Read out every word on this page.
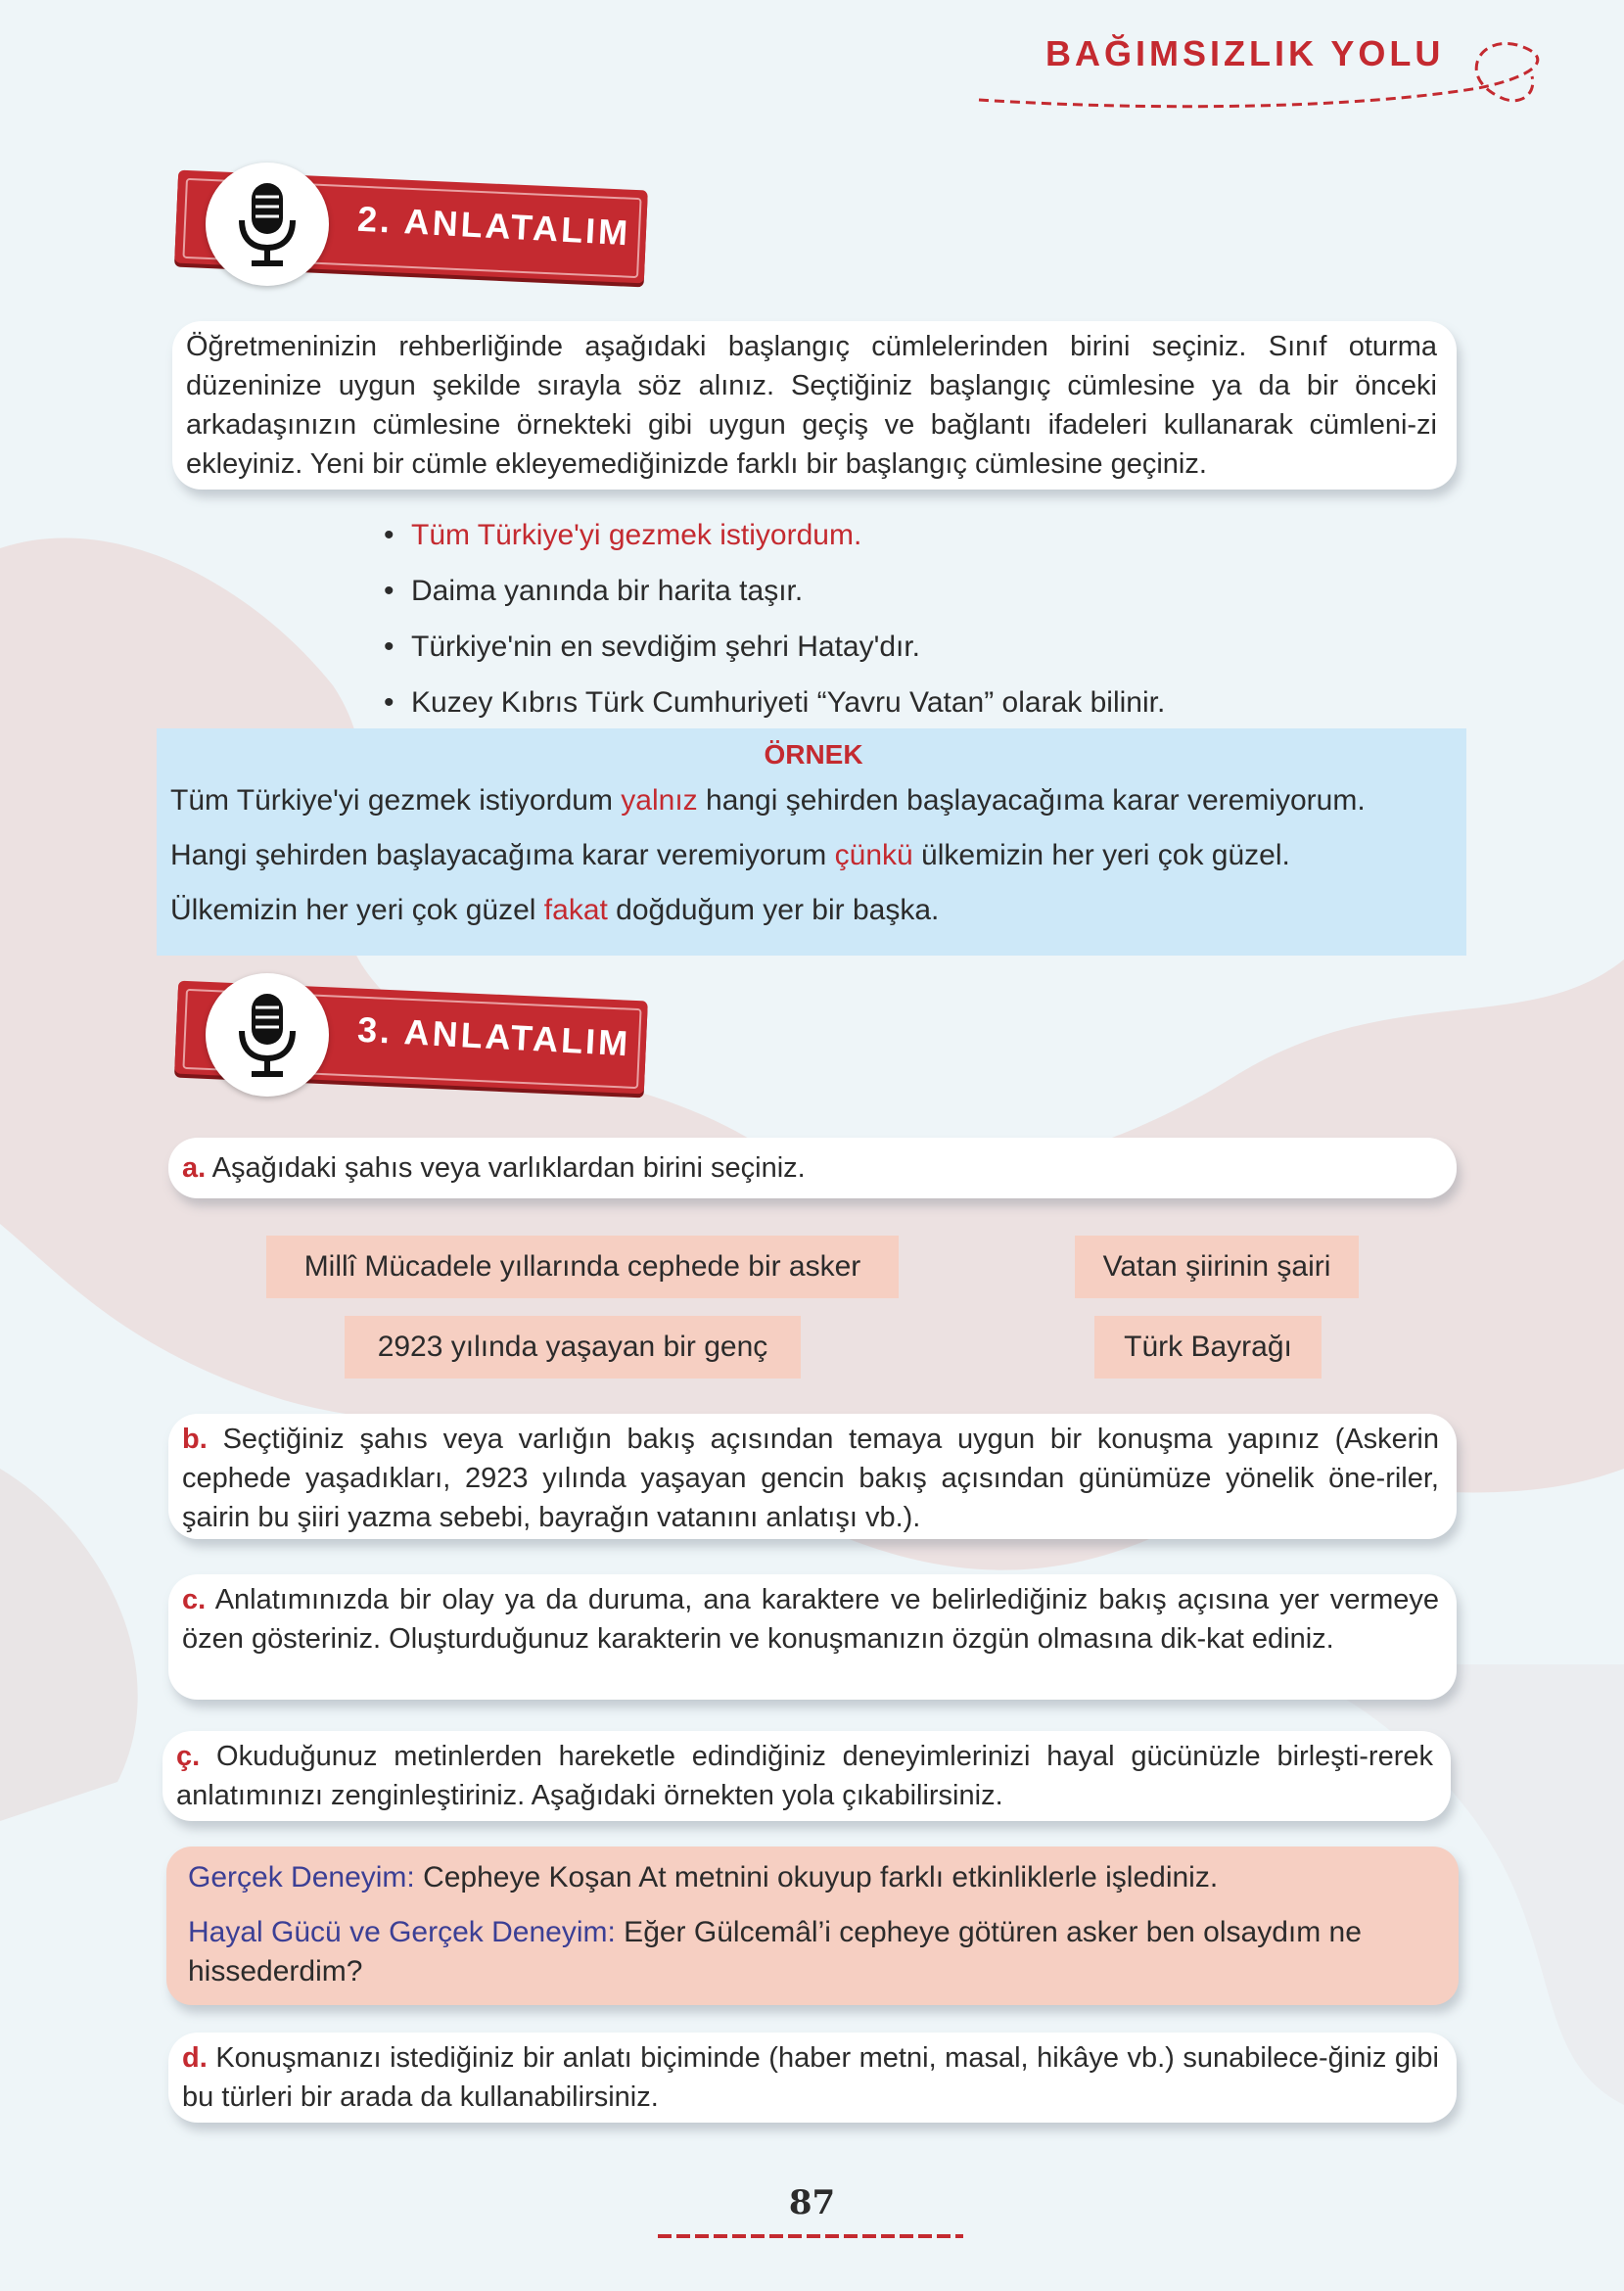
BAĞIMSIZLIK YOLU
2. ANLATALIM
Öğretmeninizin rehberliğinde aşağıdaki başlangıç cümlelerinden birini seçiniz. Sınıf oturma düzeninize uygun şekilde sırayla söz alınız. Seçtiğiniz başlangıç cümlesine ya da bir önceki arkadaşınızın cümlesine örnekteki gibi uygun geçiş ve bağlantı ifadeleri kullanarak cümleni-zi ekleyiniz. Yeni bir cümle ekleyemediğinizde farklı bir başlangıç cümlesine geçiniz.
• Tüm Türkiye'yi gezmek istiyordum.
• Daima yanında bir harita taşır.
• Türkiye'nin en sevdiğim şehri Hatay'dır.
• Kuzey Kıbrıs Türk Cumhuriyeti “Yavru Vatan” olarak bilinir.
ÖRNEK
Tüm Türkiye'yi gezmek istiyordum yalnız hangi şehirden başlayacağıma karar veremiyorum.
Hangi şehirden başlayacağıma karar veremiyorum çünkü ülkemizin her yeri çok güzel.
Ülkemizin her yeri çok güzel fakat doğduğum yer bir başka.
3. ANLATALIM
a. Aşağıdaki şahıs veya varlıklardan birini seçiniz.
Millî Mücadele yıllarında cephede bir asker	Vatan şiirinin şairi
2923 yılında yaşayan bir genç	Türk Bayrağı
b. Seçtiğiniz şahıs veya varlığın bakış açısından temaya uygun bir konuşma yapınız (Askerin cephede yaşadıkları, 2923 yılında yaşayan gencin bakış açısından günümüze yönelik öne-riler, şairin bu şiiri yazma sebebi, bayrağın vatanını anlatışı vb.).
c. Anlatımınızda bir olay ya da duruma, ana karaktere ve belirlediğiniz bakış açısına yer vermeye özen gösteriniz. Oluşturduğunuz karakterin ve konuşmanızın özgün olmasına dik-kat ediniz.
ç. Okuduğunuz metinlerden hareketle edindiğiniz deneyimlerinizi hayal gücünüzle birleşti-rerek anlatımınızı zenginleştiriniz. Aşağıdaki örnekten yola çıkabilirsiniz.
Gerçek Deneyim: Cepheye Koşan At metnini okuyup farklı etkinliklerle işlediniz.
Hayal Gücü ve Gerçek Deneyim: Eğer Gülcemâl’i cepheye götüren asker ben olsaydım ne hissederdim?
d. Konuşmanızı istediğiniz bir anlatı biçiminde (haber metni, masal, hikâye vb.) sunabilece-ğiniz gibi bu türleri bir arada da kullanabilirsiniz.
87
